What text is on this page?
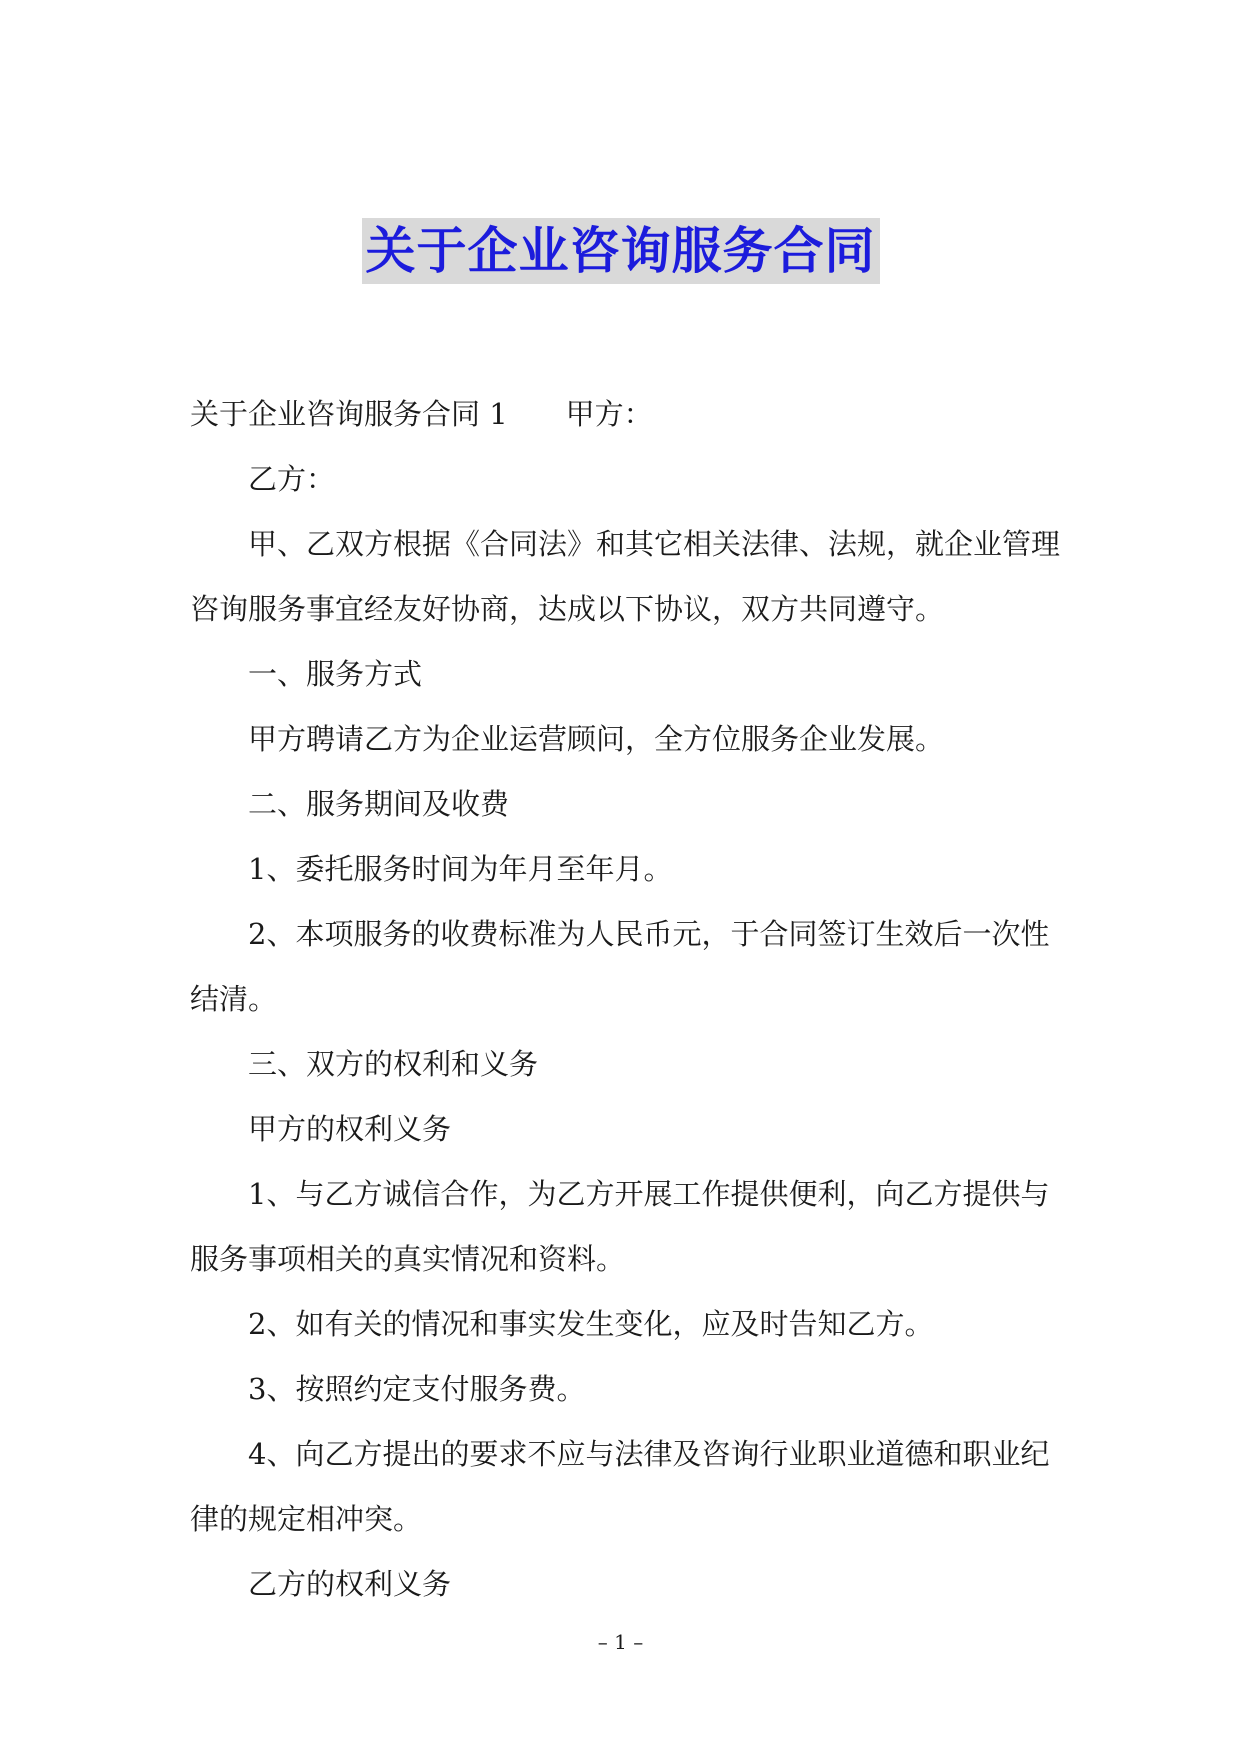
关于企业咨询服务合同
关于企业咨询服务合同 1 甲方：
乙方：
甲、乙双方根据《合同法》和其它相关法律、法规，就企业管理
咨询服务事宜经友好协商，达成以下协议，双方共同遵守。
一、服务方式
甲方聘请乙方为企业运营顾问，全方位服务企业发展。
二、服务期间及收费
1、委托服务时间为年月至年月。
2、本项服务的收费标准为人民币元，于合同签订生效后一次性
结清。
三、双方的权利和义务
甲方的权利义务
1、与乙方诚信合作，为乙方开展工作提供便利，向乙方提供与
服务事项相关的真实情况和资料。
2、如有关的情况和事实发生变化，应及时告知乙方。
3、按照约定支付服务费。
4、向乙方提出的要求不应与法律及咨询行业职业道德和职业纪
律的规定相冲突。
乙方的权利义务
– 1 –
